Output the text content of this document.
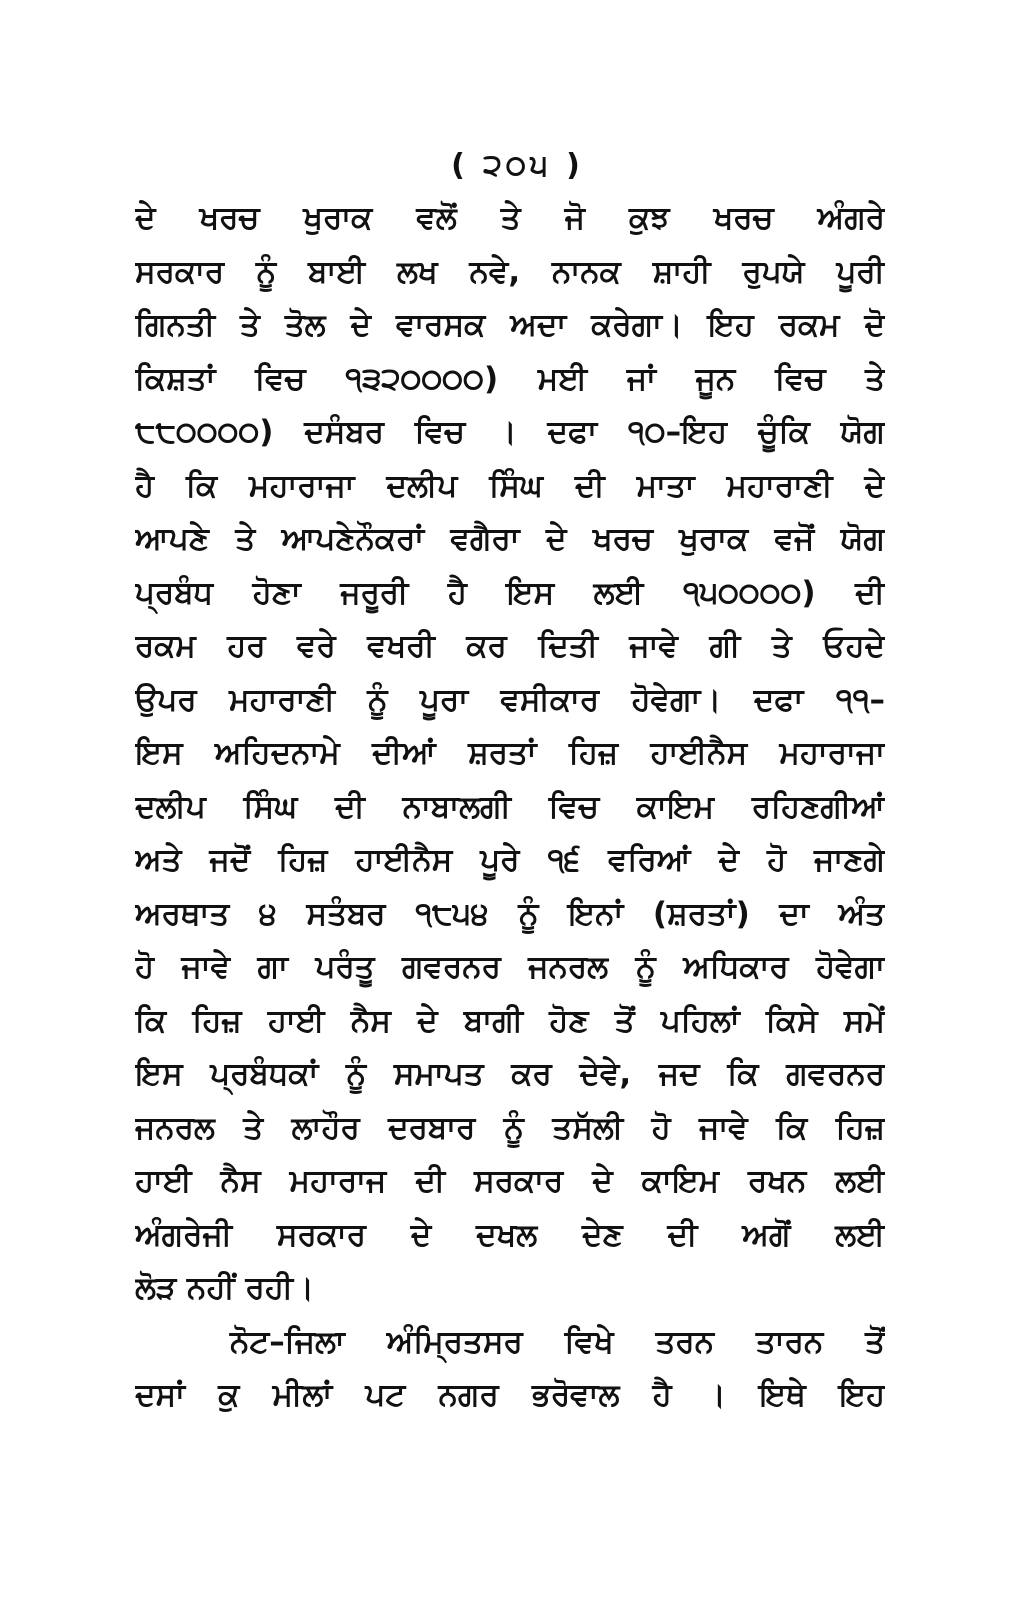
( ੨੦੫ )
ਦੇ ਖਰਚ ਖੁਰਾਕ ਵਲੋਂ ਤੇ ਜੋ ਕੁਝ ਖਰਚ ਅੰਗਰੇ
ਸਰਕਾਰ ਨੂੰ ਬਾਈ ਲਖ ਨਵੇ, ਨਾਨਕ ਸ਼ਾਹੀ ਰੁਪਯੇ ਪੂਰੀ
ਗਿਨਤੀ ਤੇ ਤੋਲ ਦੇ ਵਾਰਸਕ ਅਦਾ ਕਰੇਗਾ। ਇਹ ਰਕਮ ਦੋ
ਕਿਸ਼ਤਾਂ ਵਿਚ ੧੩੨੦੦੦੦) ਮਈ ਜਾਂ ਜੂਨ ਵਿਚ ਤੇ
੮੮੦੦੦੦) ਦਸੰਬਰ ਵਿਚ । ਦਫਾ ੧੦–ਇਹ ਚੂੰਕਿ ਯੋਗ
ਹੈ ਕਿ ਮਹਾਰਾਜਾ ਦਲੀਪ ਸਿੰਘ ਦੀ ਮਾਤਾ ਮਹਾਰਾਣੀ ਦੇ
ਆਪਣੇ ਤੇ ਆਪਣੇਨੌਕਰਾਂ ਵਗੈਰਾ ਦੇ ਖਰਚ ਖੁਰਾਕ ਵਜੋਂ ਯੋਗ
ਪ੍ਰਬੰਧ ਹੋਣਾ ਜਰੂਰੀ ਹੈ ਇਸ ਲਈ ੧੫੦੦੦੦) ਦੀ
ਰਕਮ ਹਰ ਵਰੇ ਵਖਰੀ ਕਰ ਦਿਤੀ ਜਾਵੇ ਗੀ ਤੇ ਓਹਦੇ
ਉਪਰ ਮਹਾਰਾਣੀ ਨੂੰ ਪੂਰਾ ਵਸੀਕਾਰ ਹੋਵੇਗਾ। ਦਫਾ ੧੧–
ਇਸ ਅਹਿਦਨਾਮੇ ਦੀਆਂ ਸ਼ਰਤਾਂ ਹਿਜ਼ ਹਾਈਨੈਸ ਮਹਾਰਾਜਾ
ਦਲੀਪ ਸਿੰਘ ਦੀ ਨਾਬਾਲਗੀ ਵਿਚ ਕਾਇਮ ਰਹਿਣਗੀਆਂ
ਅਤੇ ਜਦੋਂ ਹਿਜ਼ ਹਾਈਨੈਸ ਪੂਰੇ ੧੬ ਵਰਿਆਂ ਦੇ ਹੋ ਜਾਣਗੇ
ਅਰਥਾਤ ੪ ਸਤੰਬਰ ੧੮੫੪ ਨੂੰ ਇਨਾਂ (ਸ਼ਰਤਾਂ) ਦਾ ਅੰਤ
ਹੋ ਜਾਵੇ ਗਾ ਪਰੰਤੂ ਗਵਰਨਰ ਜਨਰਲ ਨੂੰ ਅਧਿਕਾਰ ਹੋਵੇਗਾ
ਕਿ ਹਿਜ਼ ਹਾਈ ਨੈਸ ਦੇ ਬਾਗੀ ਹੋਣ ਤੋਂ ਪਹਿਲਾਂ ਕਿਸੇ ਸਮੇਂ
ਇਸ ਪ੍ਰਬੰਧਕਾਂ ਨੂੰ ਸਮਾਪਤ ਕਰ ਦੇਵੇ, ਜਦ ਕਿ ਗਵਰਨਰ
ਜਨਰਲ ਤੇ ਲਾਹੌਰ ਦਰਬਾਰ ਨੂੰ ਤਸੱਲੀ ਹੋ ਜਾਵੇ ਕਿ ਹਿਜ਼
ਹਾਈ ਨੈਸ ਮਹਾਰਾਜ ਦੀ ਸਰਕਾਰ ਦੇ ਕਾਇਮ ਰਖਨ ਲਈ
ਅੰਗਰੇਜੀ ਸਰਕਾਰ ਦੇ ਦਖਲ ਦੇਣ ਦੀ ਅਗੋਂ ਲਈ
ਲੋੜ ਨਹੀਂ ਰਹੀ।
ਨੋਟ–ਜਿਲਾ ਅੰਮ੍ਰਿਤਸਰ ਵਿਖੇ ਤਰਨ ਤਾਰਨ ਤੋਂ
ਦਸਾਂ ਕੁ ਮੀਲਾਂ ਪਟ ਨਗਰ ਭਰੋਵਾਲ ਹੈ । ਇਥੇ ਇਹ
